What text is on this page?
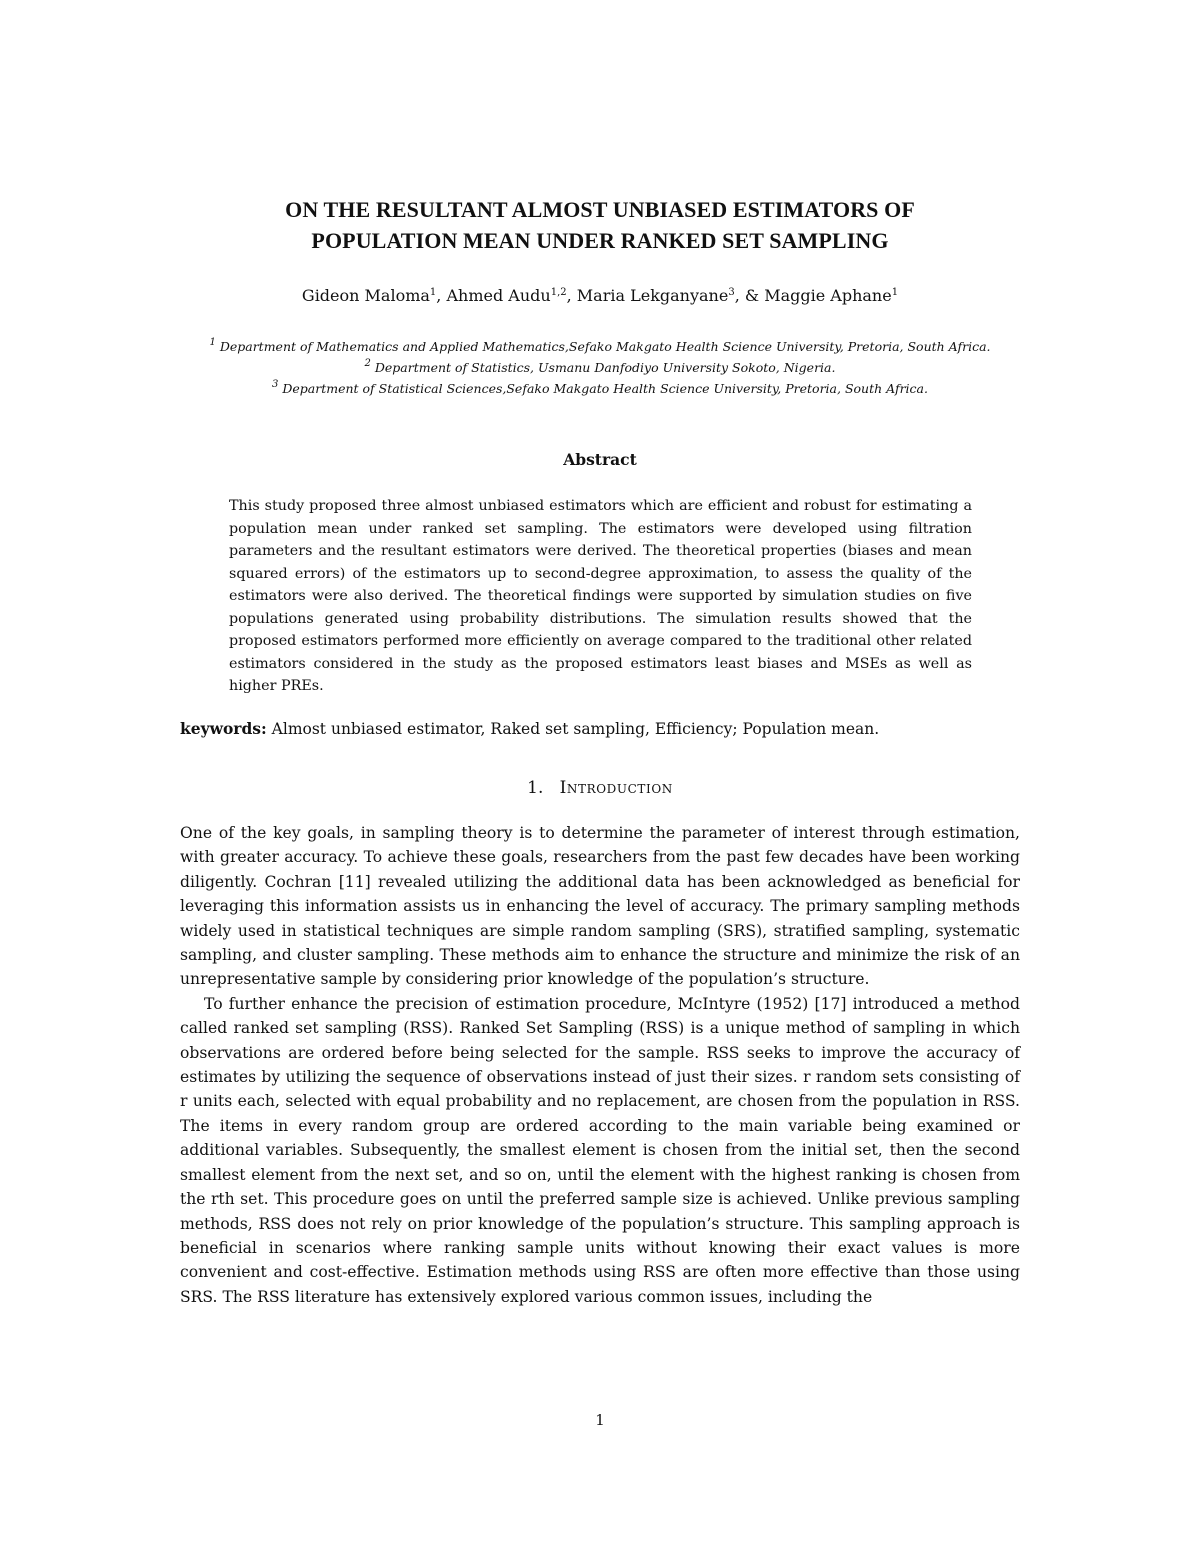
ON THE RESULTANT ALMOST UNBIASED ESTIMATORS OF
POPULATION MEAN UNDER RANKED SET SAMPLING
Gideon Maloma$^1$, Ahmed Audu$^{1,2}$, Maria Lekganyane$^3$, & Maggie Aphane$^1$
$^1$ Department of Mathematics and Applied Mathematics,Sefako Makgato Health Science University, Pretoria, South Africa.
$^2$ Department of Statistics, Usmanu Danfodiyo University Sokoto, Nigeria.
$^3$ Department of Statistical Sciences,Sefako Makgato Health Science University, Pretoria, South Africa.
Abstract
This study proposed three almost unbiased estimators which are efficient and robust for estimating a population mean under ranked set sampling. The estimators were developed using filtration parameters and the resultant estimators were derived. The theoretical properties (biases and mean squared errors) of the estimators up to second-degree approximation, to assess the quality of the estimators were also derived. The theoretical findings were supported by simulation studies on five populations generated using probability distributions. The simulation results showed that the proposed estimators performed more efficiently on average compared to the traditional other related estimators considered in the study as the proposed estimators least biases and MSEs as well as higher PREs.
keywords: Almost unbiased estimator, Raked set sampling, Efficiency; Population mean.
1. Introduction

One of the key goals, in sampling theory is to determine the parameter of interest through estimation, with greater accuracy. To achieve these goals, researchers from the past few decades have been working diligently. Cochran [11] revealed utilizing the additional data has been acknowledged as beneficial for leveraging this information assists us in enhancing the level of accuracy. The primary sampling methods widely used in statistical techniques are simple random sampling (SRS), stratified sampling, systematic sampling, and cluster sampling. These methods aim to enhance the structure and minimize the risk of an unrepresentative sample by considering prior knowledge of the population’s structure.

To further enhance the precision of estimation procedure, McIntyre (1952) [17] introduced a method called ranked set sampling (RSS). Ranked Set Sampling (RSS) is a unique method of sampling in which observations are ordered before being selected for the sample. RSS seeks to improve the accuracy of estimates by utilizing the sequence of observations instead of just their sizes. r random sets consisting of r units each, selected with equal probability and no replacement, are chosen from the population in RSS. The items in every random group are ordered according to the main variable being examined or additional variables. Subsequently, the smallest element is chosen from the initial set, then the second smallest element from the next set, and so on, until the element with the highest ranking is chosen from the rth set. This procedure goes on until the preferred sample size is achieved. Unlike previous sampling methods, RSS does not rely on prior knowledge of the population’s structure. This sampling approach is beneficial in scenarios where ranking sample units without knowing their exact values is more convenient and cost-effective. Estimation methods using RSS are often more effective than those using SRS. The RSS literature has extensively explored various common issues, including the

1
